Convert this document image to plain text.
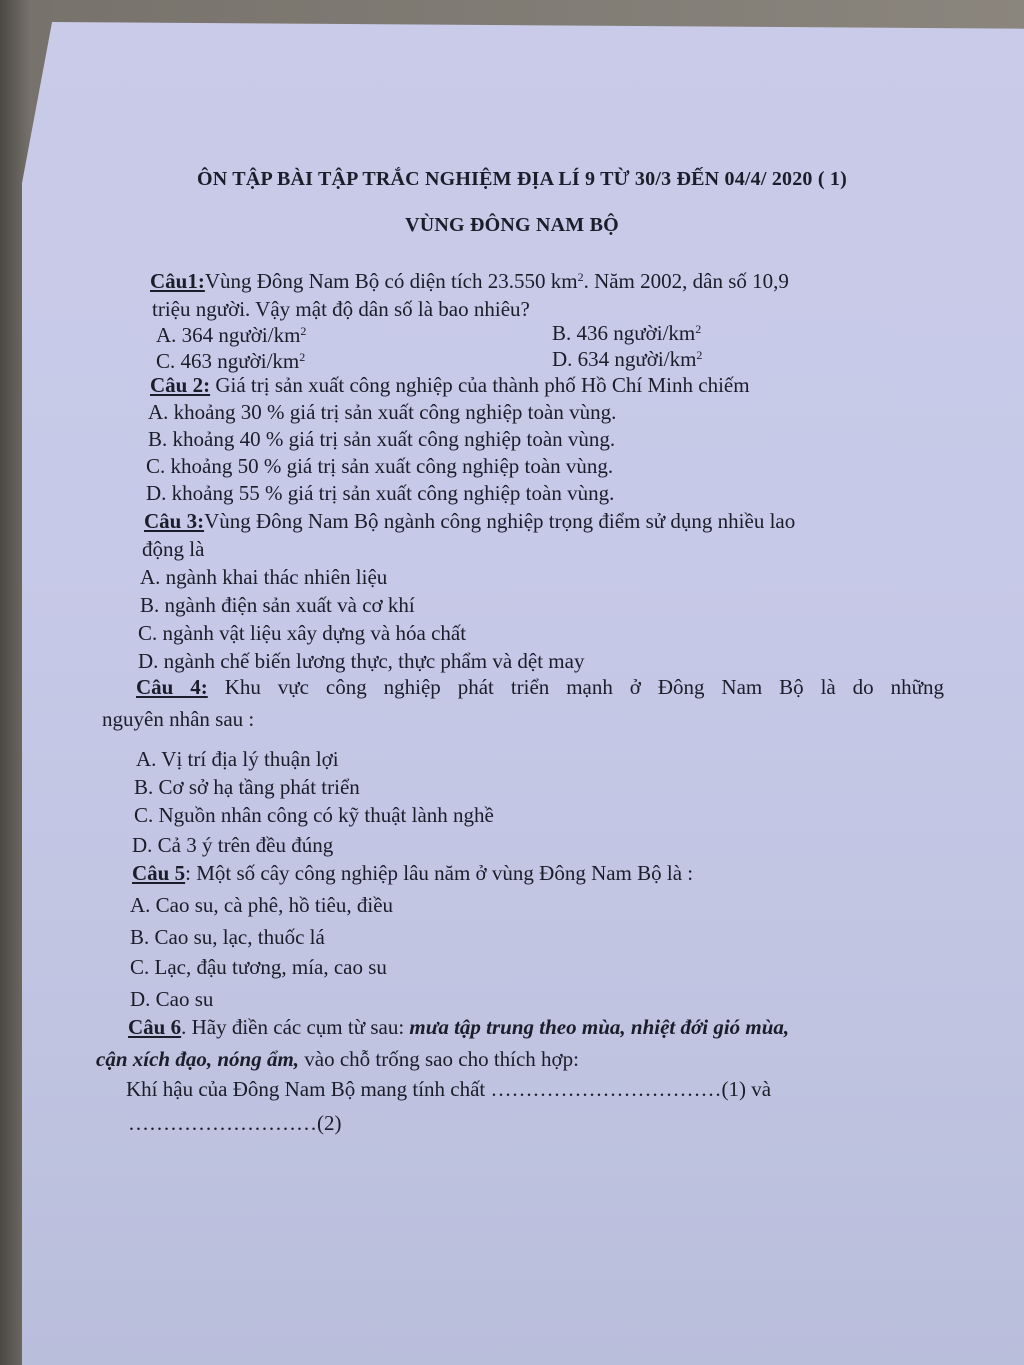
ÔN TẬP BÀI TẬP TRẮC NGHIỆM ĐỊA LÍ 9 TỪ 30/3 ĐẾN 04/4/ 2020 ( 1)
VÙNG ĐÔNG NAM BỘ
Câu1:Vùng Đông Nam Bộ có diện tích 23.550 $km^2$. Năm 2002, dân số 10,9
triệu người. Vậy mật độ dân số là bao nhiêu?
A. 364 người/$km^2$	B. 436 người/$km^2$
C. 463 người/$km^2$	D. 634 người/$km^2$
Câu 2: Giá trị sản xuất công nghiệp của thành phố Hồ Chí Minh chiếm
A. khoảng 30 % giá trị sản xuất công nghiệp toàn vùng.
B. khoảng 40 % giá trị sản xuất công nghiệp toàn vùng.
C. khoảng 50 % giá trị sản xuất công nghiệp toàn vùng.
D. khoảng 55 % giá trị sản xuất công nghiệp toàn vùng.
Câu 3:Vùng Đông Nam Bộ ngành công nghiệp trọng điểm sử dụng nhiều lao
động là
A. ngành khai thác nhiên liệu
B. ngành điện sản xuất và cơ khí
C. ngành vật liệu xây dựng và hóa chất
D. ngành chế biến lương thực, thực phẩm và dệt may
Câu 4: Khu vực công nghiệp phát triển mạnh ở Đông Nam Bộ là do những
nguyên nhân sau :
A. Vị trí địa lý thuận lợi
B. Cơ sở hạ tầng phát triển
C. Nguồn nhân công có kỹ thuật lành nghề
D. Cả 3 ý trên đều đúng
Câu 5: Một số cây công nghiệp lâu năm ở vùng Đông Nam Bộ là :
A. Cao su, cà phê, hồ tiêu, điều
B. Cao su, lạc, thuốc lá
C. Lạc, đậu tương, mía, cao su
D. Cao su
Câu 6. Hãy điền các cụm từ sau: mưa tập trung theo mùa, nhiệt đới gió mùa,
cận xích đạo, nóng ẩm, vào chỗ trống sao cho thích hợp:
Khí hậu của Đông Nam Bộ mang tính chất ……………………………(1) và
………………………(2)
